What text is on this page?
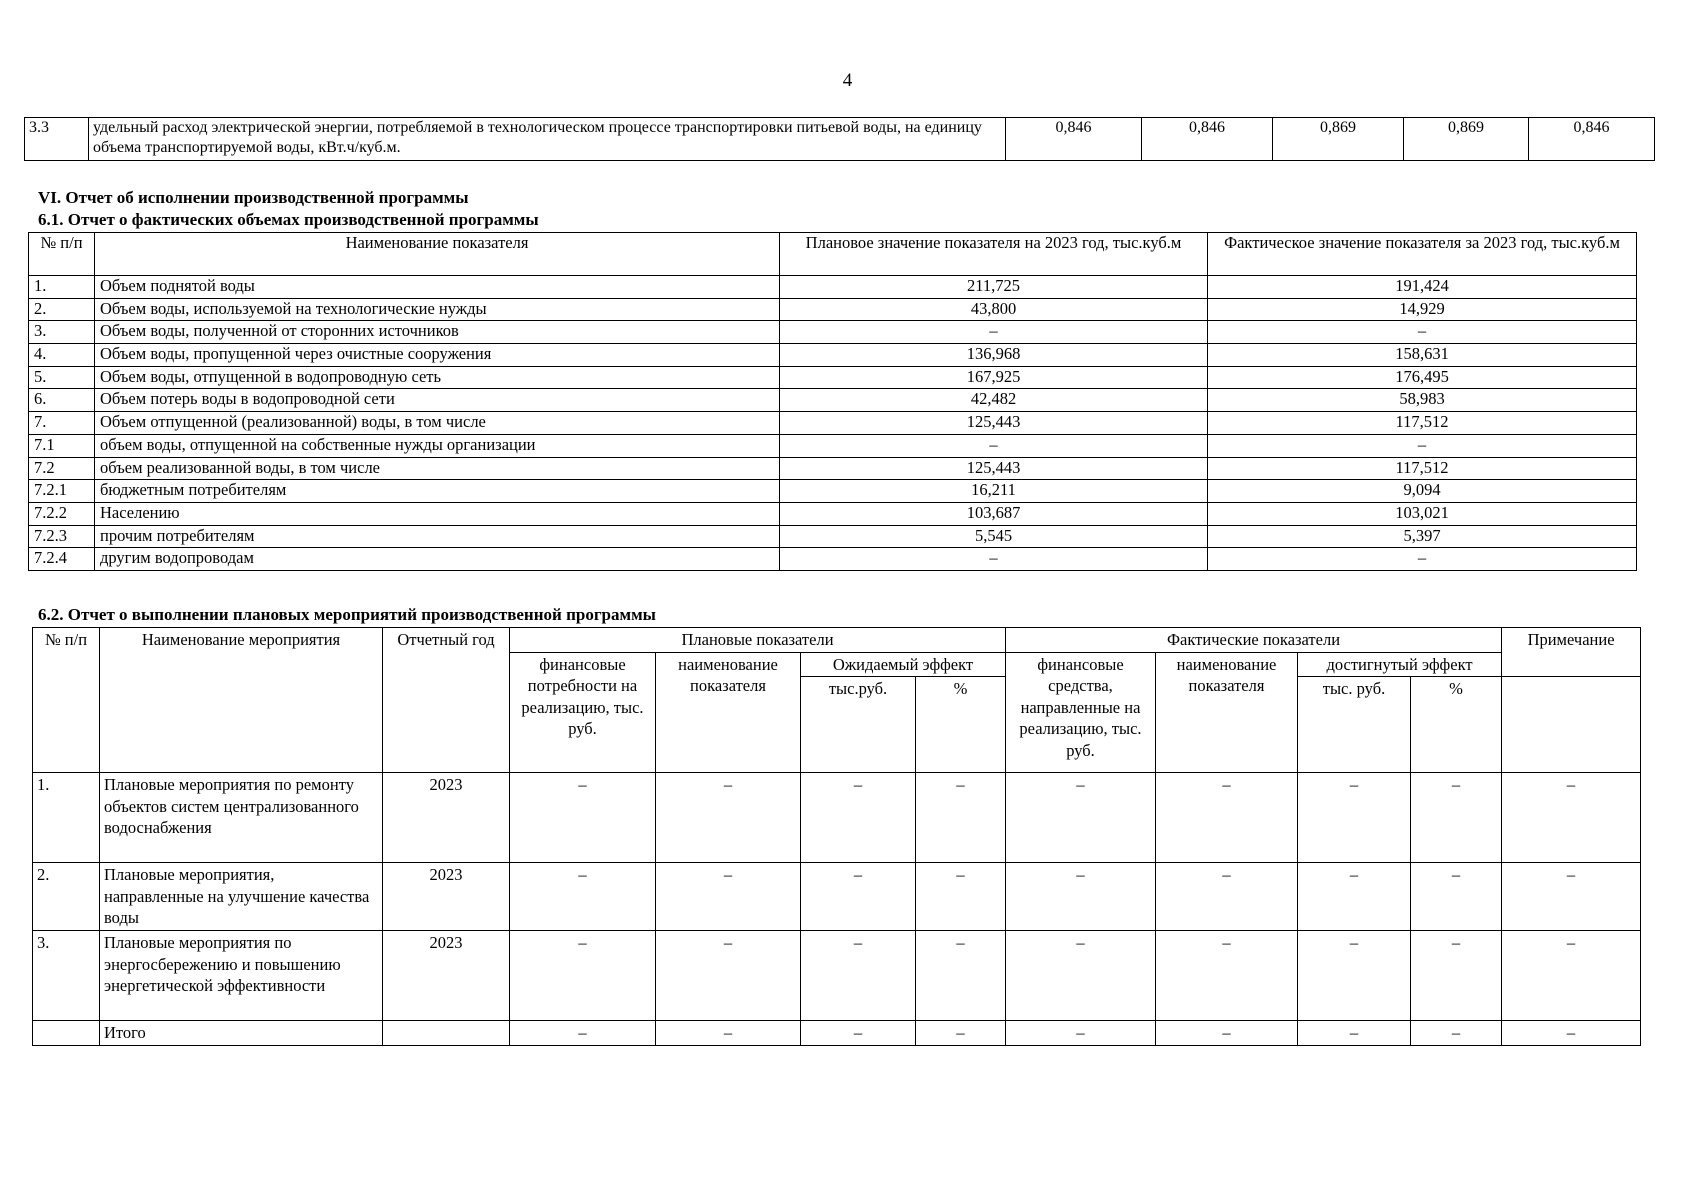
4
3.3	удельный расход электрической энергии, потребляемой в технологическом процессе транспортировки питьевой воды, на единицу объема транспортируемой воды, кВт.ч/куб.м.	0,846	0,846	0,869	0,869	0,846
VI. Отчет об исполнении производственной программы
6.1. Отчет о фактических объемах производственной программы
№ п/п	Наименование показателя	Плановое значение показателя на 2023 год, тыс.куб.м	Фактическое значение показателя за 2023 год, тыс.куб.м
1.	Объем поднятой воды	211,725	191,424
2.	Объем воды, используемой на технологические нужды	43,800	14,929
3.	Объем воды, полученной от сторонних источников	–	–
4.	Объем воды, пропущенной через очистные сооружения	136,968	158,631
5.	Объем воды, отпущенной в водопроводную сеть	167,925	176,495
6.	Объем потерь воды в водопроводной сети	42,482	58,983
7.	Объем отпущенной (реализованной) воды, в том числе	125,443	117,512
7.1	объем воды, отпущенной на собственные нужды организации	–	–
7.2	объем реализованной воды, в том числе	125,443	117,512
7.2.1	бюджетным потребителям	16,211	9,094
7.2.2	Населению	103,687	103,021
7.2.3	прочим потребителям	5,545	5,397
7.2.4	другим водопроводам	–	–
6.2. Отчет о выполнении плановых мероприятий производственной программы
№ п/п	Наименование мероприятия	Отчетный год	Плановые показатели				Фактические показатели				Примечание
			финансовые потребности на реализацию, тыс. руб.	наименование показателя	Ожидаемый эффект		финансовые средства, направленные на реализацию, тыс. руб.	наименование показателя	достигнутый эффект		
					тыс.руб.	%			тыс. руб.	%	
1.	Плановые мероприятия по ремонту объектов систем централизованного водоснабжения	2023	–	–	–	–	–	–	–	–	–
2.	Плановые мероприятия, направленные на улучшение качества воды	2023	–	–	–	–	–	–	–	–	–
3.	Плановые мероприятия по энергосбережению и повышению энергетической эффективности	2023	–	–	–	–	–	–	–	–	–
	Итого		–	–	–	–	–	–	–	–	–
